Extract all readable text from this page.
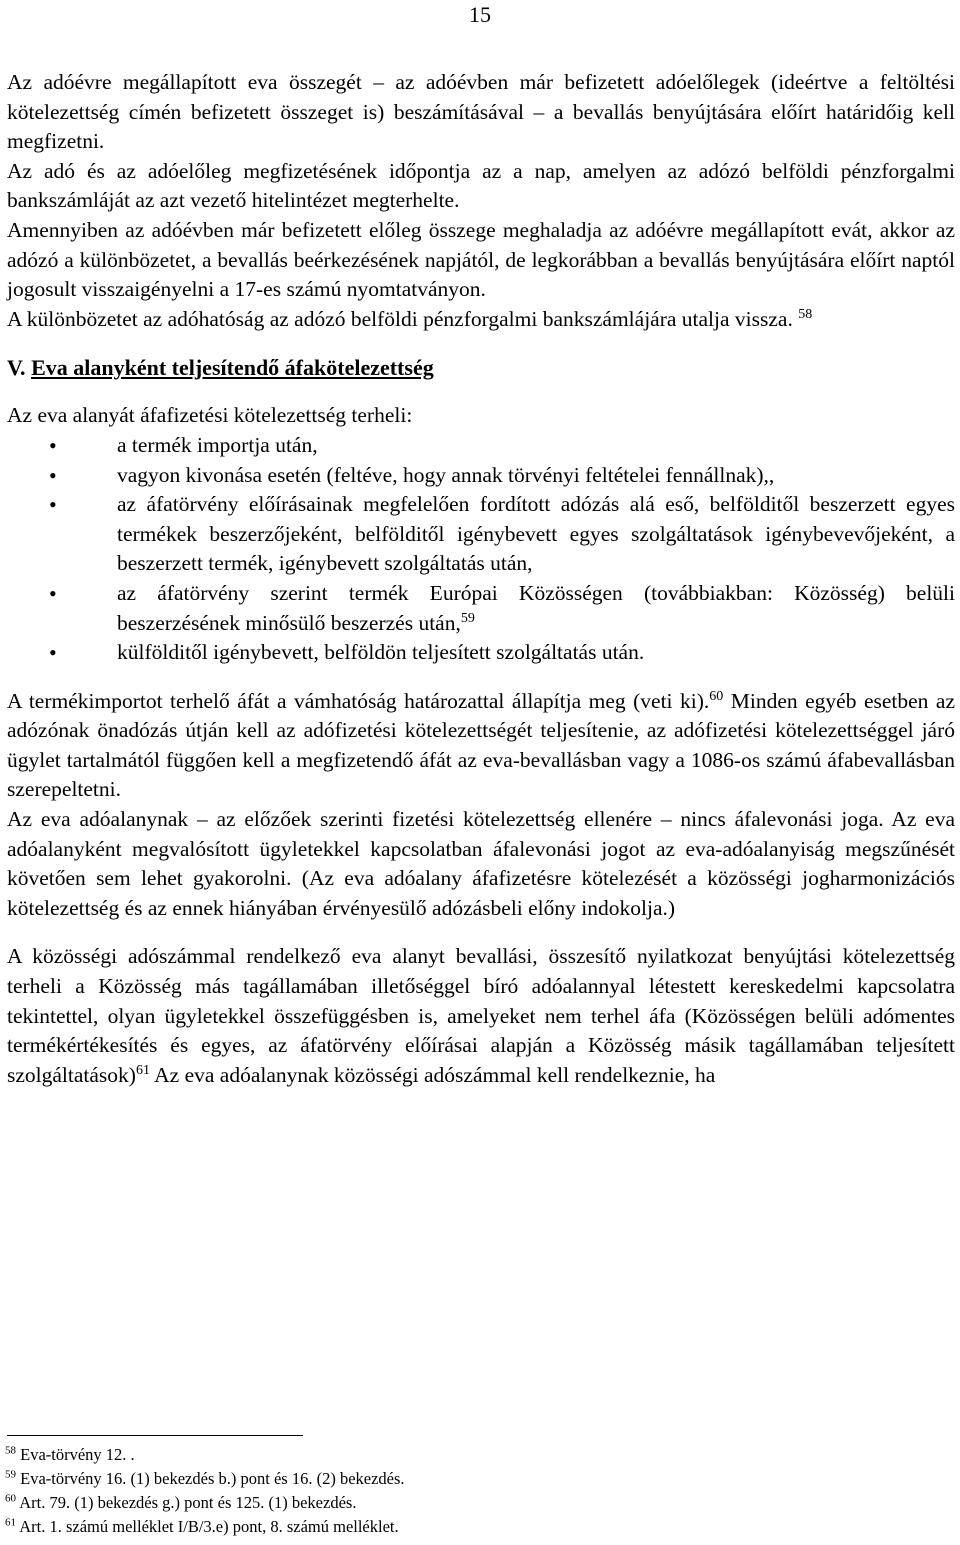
15

Az adóévre megállapított eva összegét – az adóévben már befizetett adóelőlegek (ideértve a feltöltési kötelezettség címén befizetett összeget is) beszámításával – a bevallás benyújtására előírt határidőig kell megfizetni.

Az adó és az adóelőleg megfizetésének időpontja az a nap, amelyen az adózó belföldi pénzforgalmi bankszámláját az azt vezető hitelintézet megterhelte.

Amennyiben az adóévben már befizetett előleg összege meghaladja az adóévre megállapított evát, akkor az adózó a különbözetet, a bevallás beérkezésének napjától, de legkorábban a bevallás benyújtására előírt naptól jogosult visszaigényelni a 17-es számú nyomtatványon.

A különbözetet az adóhatóság az adózó belföldi pénzforgalmi bankszámlájára utalja vissza. $^{58}$

V. Eva alanyként teljesítendő áfakötelezettség

Az eva alanyát áfafizetési kötelezettség terheli:

•	a termék importja után,
•	vagyon kivonása esetén (feltéve, hogy annak törvényi feltételei fennállnak),,
•	az áfatörvény előírásainak megfelelően fordított adózás alá eső, belfölditől beszerzett egyes termékek beszerzőjeként, belfölditől igénybevett egyes szolgáltatások igénybevevőjeként, a beszerzett termék, igénybevett szolgáltatás után,
•	az áfatörvény szerint termék Európai Közösségen (továbbiakban: Közösség) belüli beszerzésének minősülő beszerzés után,$^{59}$
•	külfölditől igénybevett, belföldön teljesített szolgáltatás után.

A termékimportot terhelő áfát a vámhatóság határozattal állapítja meg (veti ki).$^{60}$ Minden egyéb esetben az adózónak önadózás útján kell az adófizetési kötelezettségét teljesítenie, az adófizetési kötelezettséggel járó ügylet tartalmától függően kell a megfizetendő áfát az eva-bevallásban vagy a 1086-os számú áfabevallásban szerepeltetni.

Az eva adóalanynak – az előzőek szerinti fizetési kötelezettség ellenére – nincs áfalevonási joga. Az eva adóalanyként megvalósított ügyletekkel kapcsolatban áfalevonási jogot az eva-adóalanyiság megszűnését követően sem lehet gyakorolni. (Az eva adóalany áfafizetésre kötelezését a közösségi jogharmonizációs kötelezettség és az ennek hiányában érvényesülő adózásbeli előny indokolja.)

A közösségi adószámmal rendelkező eva alanyt bevallási, összesítő nyilatkozat benyújtási kötelezettség terheli a Közösség más tagállamában illetőséggel bíró adóalannyal létestett kereskedelmi kapcsolatra tekintettel, olyan ügyletekkel összefüggésben is, amelyeket nem terhel áfa (Közösségen belüli adómentes termékértékesítés és egyes, az áfatörvény előírásai alapján a Közösség másik tagállamában teljesített szolgáltatások)$^{61}$ Az eva adóalanynak közösségi adószámmal kell rendelkeznie, ha

$^{58}$ Eva-törvény 12. .
$^{59}$ Eva-törvény 16. (1) bekezdés b.) pont és 16. (2) bekezdés.
$^{60}$ Art. 79. (1) bekezdés g.) pont és 125. (1) bekezdés.
$^{61}$ Art. 1. számú melléklet I/B/3.e) pont, 8. számú melléklet.
